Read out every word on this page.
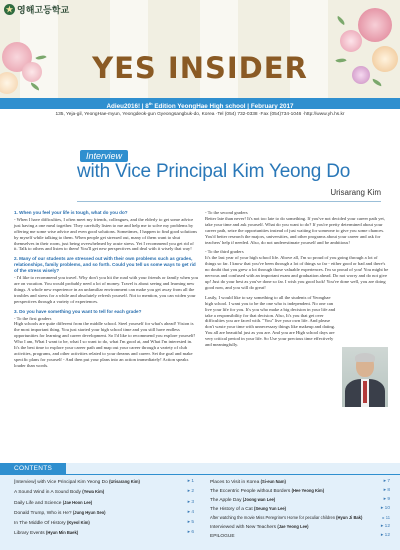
★ 영해고등학교
YES INSIDER
Adieu2016! | 8th Edition YeongHae High school | February 2017
135, Yeja-gil, YeongHae-myun, Yeongdeok-gun Gyeongsangbuk-do, Korea ·Tel (054) 732-0338 ·Fax (054)734-1046 ·http://www.yh.hs.kr
Interview
with Vice Principal Kim Yeong Do
Urisarang Kim

1. When you feel your life is tough, what do you do?

- When I have difficulties, I often meet my friends, colleagues, and the elderly to get some advice just having a one meal together. They carefully listen to me and help me to solve my problems by offering me some wise advice and even good solutions. Sometimes, I happen to find good solutions by myself while talking to them. When people get stressed out, many of them want to shut themselves in their room, just being overwhelmed by acute stress. Yet I recommend you get rid of it. Talk to others and listen to them! You'll get new perspectives and deal with it wisely that way!

2. Many of our students are stressed out with their own problems such as grades, relationships, family problems, and so forth. Could you tell us some ways to get rid of the stress wisely?

- I'd like to recommend you travel. Why don't you hit the road with your friends or family when you are on vacation. You would probably need a lot of money. Travel is about seeing and learning new things. A whole new experience in an unfamiliar environment can make you get away from all the troubles and stress for a while and absolutely refresh yourself. Not to mention, you can widen your perspectives through a variety of experiences.

3. Do you have something you want to tell for each grade?

- To the first graders
High schools are quite different from the middle school. Steel yourself for what's ahead! Vision is the most important thing. You just started your high school time and you still have endless opportunities for learning and career development. So I'd like to recommend you explore yourself! Who I am, What I want to be, what I so want to do, what I'm good at, and What I'm interested in. It's the best time to explore your career path and map out your career through a variety of club activities, programs, and other activities related to your dreams and career. Set the goal and make specific plans for yourself - And then put your plans into an action immediately! Action speaks louder than words.

- To the second graders
Better late than never! It's not too late to do something. If you've not decided your career path yet, take your time and ask yourself. What do you want to do? If you're pretty determined about your career path, seize the opportunities instead of just waiting for someone to give you some chances. You'd better research the majors, universities, and other programs about your career and ask for teachers' help if needed. Also, do not underestimate yourself and be ambitious!

- To the third graders
It's the last year of your high school life. Above all, I'm so proud of you going through a lot of things so far. I know that you've been through a lot of things so far - either good or bad and there's no doubt that you grew a lot through those valuable experiences. I'm so proud of you! You might be nervous and confused with an important exam and graduation ahead. Do not worry and do not give up! Just do your best as you've done so far. I wish you good luck! You've done well, you are doing good now, and you will do great!

Lastly, I would like to say something to all the students of Yeonghae high school. I want you to be the one who is independent. No one can live your life for you. It's you who make a big decision in your life and take a responsibility for that decision. Also, It's you that get over difficulties you are faced with. "You" live your own life. And please don't waste your time with unnecessary things like makeup and dating. You all are beautiful just as you are. And you are High school days are very critical period in your life. So Use your precious time effectively and meaningfully.

CONTENTS
[Interview] with Vice Principal Kim Yeong Do (Urisarang Kim)	▸ 1
A Sound Wind in A Sound Body (Yewa Kim)	▸ 2
Daily Life and Science (Jae Hoon Lee)	▸ 3
Donald Trump, Who is He? (Jung Hyun Seo)	▸ 4
In The Middle Of History (Kyeol Kim)	▸ 5
Library Events (Hyun Min Baek)	▸ 6
Places to Visit in Korea (Si-eun Nam)	▸ 7
The Eccentric People without Borders (Hee Yeong Kim)	▸ 8
The Apple Day (Joong wan Lee)	▸ 9
The History of a Cat (Seung Yun Lee)	▸ 10
After watching the movie Miss Peregrine's Home for peculiar children (Hyun Ji Bak)	▸ 11
Interviewed with New Teachers (Jae Yeong Lee)	▸ 12
EPILOGUE	▸ 12
